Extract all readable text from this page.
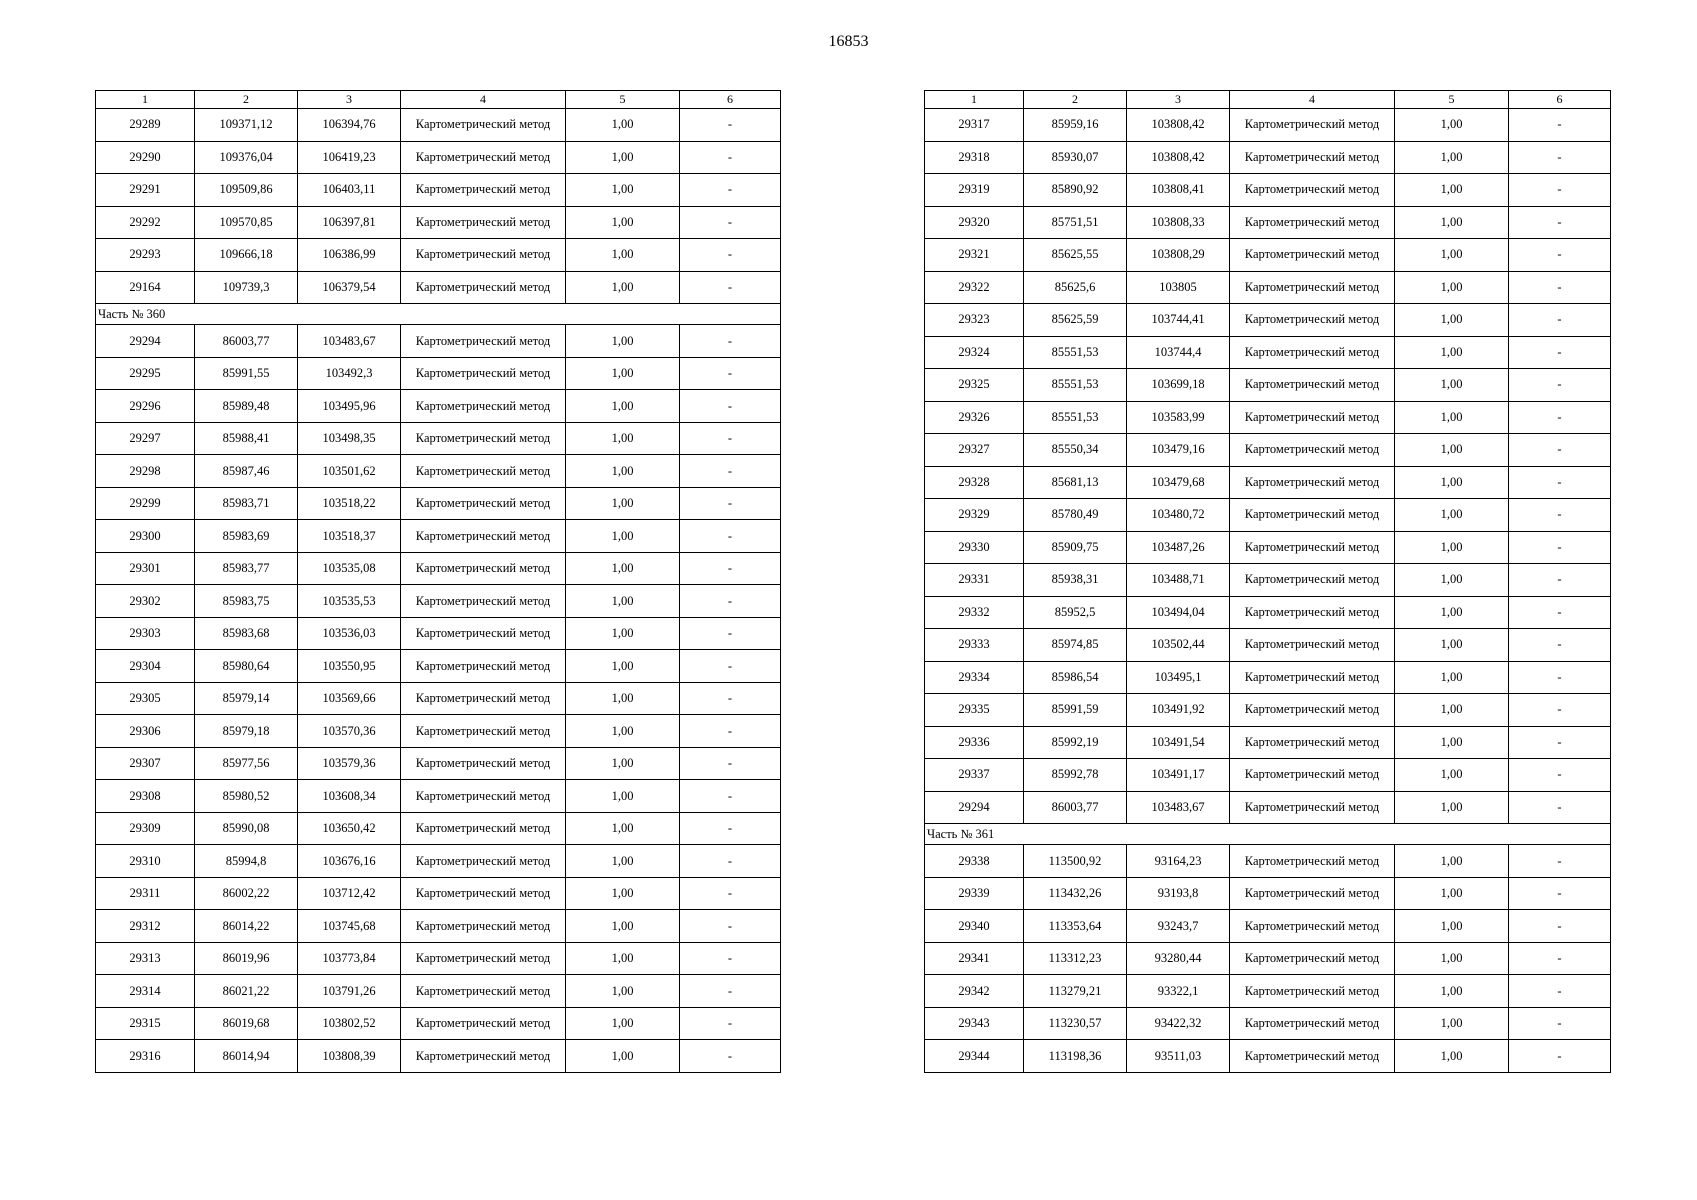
16853
1	2	3	4	5	6
29289	109371,12	106394,76	Картометрический метод	1,00	-
29290	109376,04	106419,23	Картометрический метод	1,00	-
29291	109509,86	106403,11	Картометрический метод	1,00	-
29292	109570,85	106397,81	Картометрический метод	1,00	-
29293	109666,18	106386,99	Картометрический метод	1,00	-
29164	109739,3	106379,54	Картометрический метод	1,00	-
Часть № 360					
29294	86003,77	103483,67	Картометрический метод	1,00	-
29295	85991,55	103492,3	Картометрический метод	1,00	-
29296	85989,48	103495,96	Картометрический метод	1,00	-
29297	85988,41	103498,35	Картометрический метод	1,00	-
29298	85987,46	103501,62	Картометрический метод	1,00	-
29299	85983,71	103518,22	Картометрический метод	1,00	-
29300	85983,69	103518,37	Картометрический метод	1,00	-
29301	85983,77	103535,08	Картометрический метод	1,00	-
29302	85983,75	103535,53	Картометрический метод	1,00	-
29303	85983,68	103536,03	Картометрический метод	1,00	-
29304	85980,64	103550,95	Картометрический метод	1,00	-
29305	85979,14	103569,66	Картометрический метод	1,00	-
29306	85979,18	103570,36	Картометрический метод	1,00	-
29307	85977,56	103579,36	Картометрический метод	1,00	-
29308	85980,52	103608,34	Картометрический метод	1,00	-
29309	85990,08	103650,42	Картометрический метод	1,00	-
29310	85994,8	103676,16	Картометрический метод	1,00	-
29311	86002,22	103712,42	Картометрический метод	1,00	-
29312	86014,22	103745,68	Картометрический метод	1,00	-
29313	86019,96	103773,84	Картометрический метод	1,00	-
29314	86021,22	103791,26	Картометрический метод	1,00	-
29315	86019,68	103802,52	Картометрический метод	1,00	-
29316	86014,94	103808,39	Картометрический метод	1,00	-
1	2	3	4	5	6
29317	85959,16	103808,42	Картометрический метод	1,00	-
29318	85930,07	103808,42	Картометрический метод	1,00	-
29319	85890,92	103808,41	Картометрический метод	1,00	-
29320	85751,51	103808,33	Картометрический метод	1,00	-
29321	85625,55	103808,29	Картометрический метод	1,00	-
29322	85625,6	103805	Картометрический метод	1,00	-
29323	85625,59	103744,41	Картометрический метод	1,00	-
29324	85551,53	103744,4	Картометрический метод	1,00	-
29325	85551,53	103699,18	Картометрический метод	1,00	-
29326	85551,53	103583,99	Картометрический метод	1,00	-
29327	85550,34	103479,16	Картометрический метод	1,00	-
29328	85681,13	103479,68	Картометрический метод	1,00	-
29329	85780,49	103480,72	Картометрический метод	1,00	-
29330	85909,75	103487,26	Картометрический метод	1,00	-
29331	85938,31	103488,71	Картометрический метод	1,00	-
29332	85952,5	103494,04	Картометрический метод	1,00	-
29333	85974,85	103502,44	Картометрический метод	1,00	-
29334	85986,54	103495,1	Картометрический метод	1,00	-
29335	85991,59	103491,92	Картометрический метод	1,00	-
29336	85992,19	103491,54	Картометрический метод	1,00	-
29337	85992,78	103491,17	Картометрический метод	1,00	-
29294	86003,77	103483,67	Картометрический метод	1,00	-
Часть № 361					
29338	113500,92	93164,23	Картометрический метод	1,00	-
29339	113432,26	93193,8	Картометрический метод	1,00	-
29340	113353,64	93243,7	Картометрический метод	1,00	-
29341	113312,23	93280,44	Картометрический метод	1,00	-
29342	113279,21	93322,1	Картометрический метод	1,00	-
29343	113230,57	93422,32	Картометрический метод	1,00	-
29344	113198,36	93511,03	Картометрический метод	1,00	-
